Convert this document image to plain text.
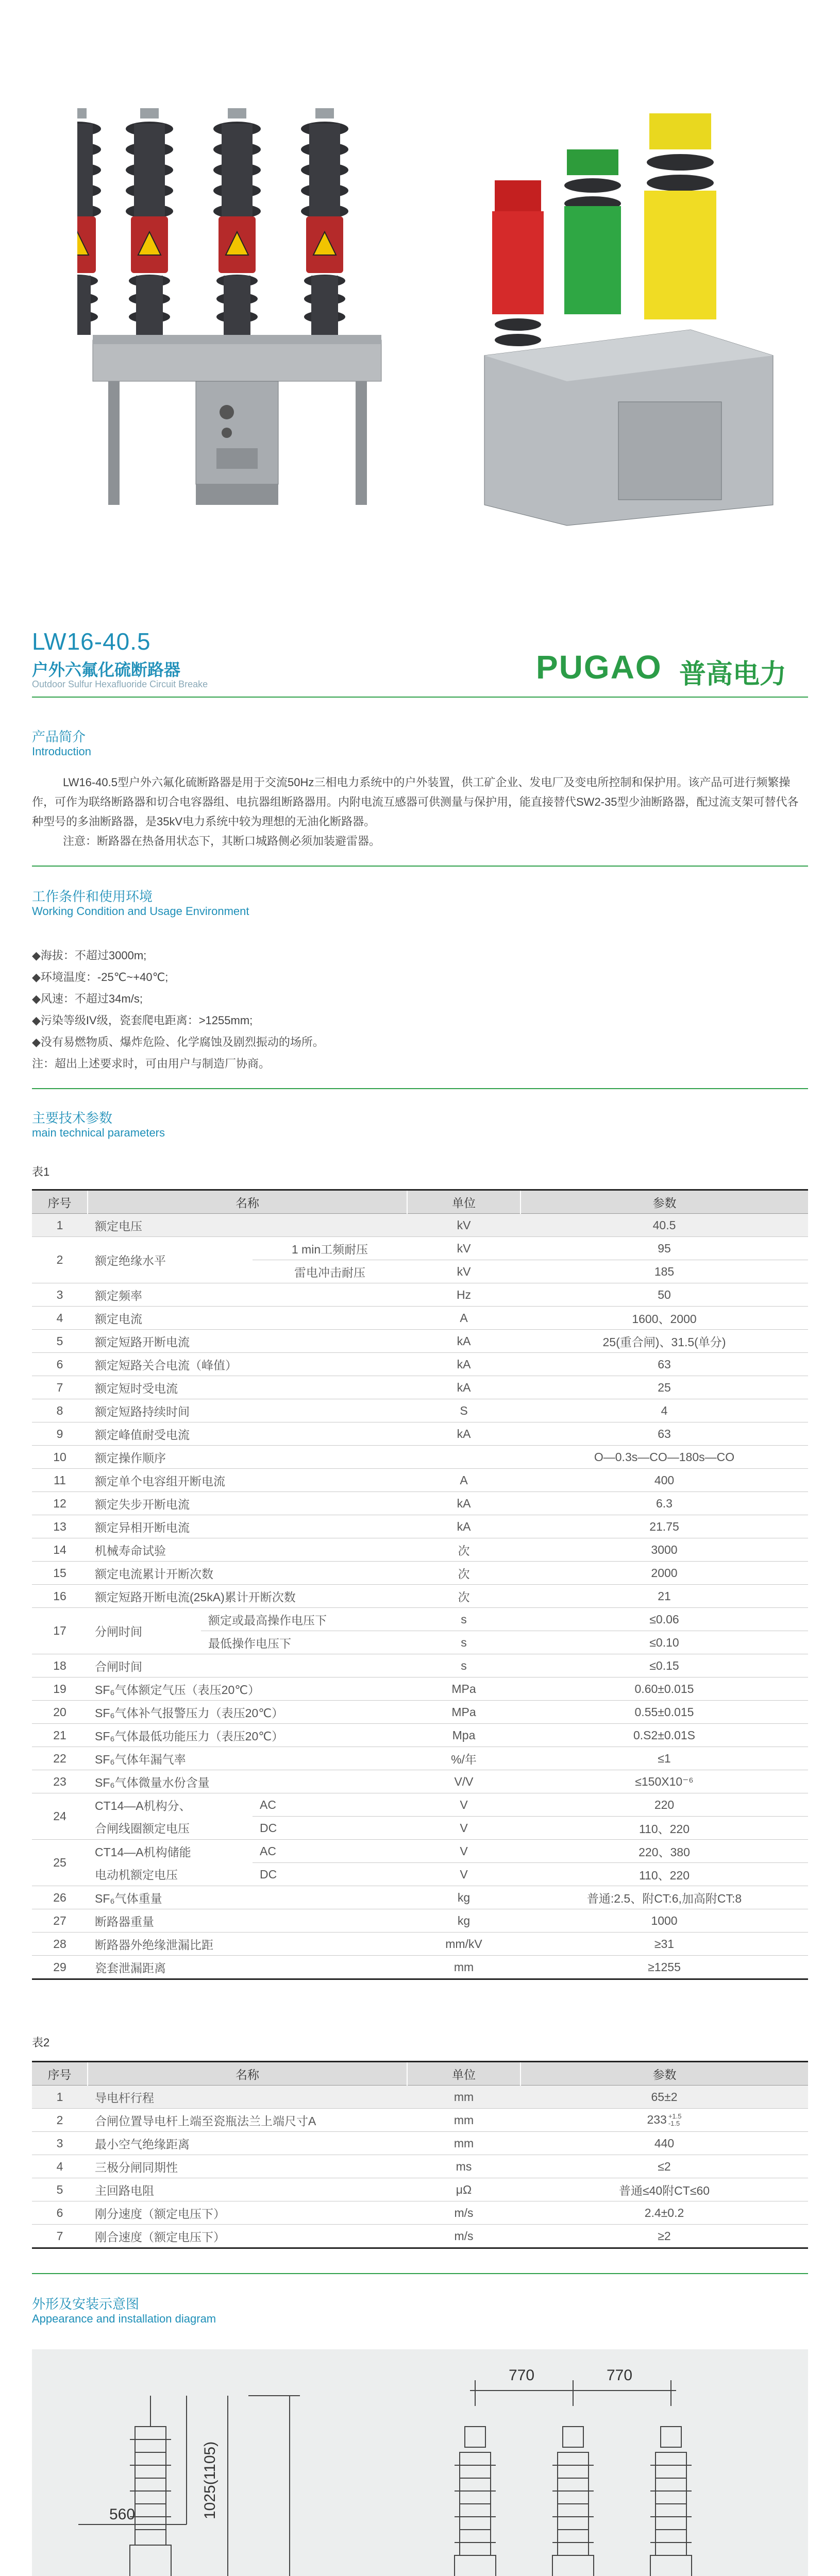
LW16-40.5
户外六氟化硫断路器
Outdoor Sulfur Hexafluoride Circuit Breake	PUGAO 普高电力
产品简介
Introduction
LW16-40.5型户外六氟化硫断路器是用于交流50Hz三相电力系统中的户外装置，供工矿企业、发电厂及变电所控制和保护用。该产品可进行频繁操作，可作为联络断路器和切合电容器组、电抗器组断路器用。内附电流互感器可供测量与保护用，能直接替代SW2-35型少油断路器，配过流支架可替代各种型号的多油断路器，是35kV电力系统中较为理想的无油化断路器。
注意：断路器在热备用状态下，其断口城路侧必须加装避雷器。
工作条件和使用环境
Working Condition and Usage Environment
◆海拔：不超过3000m;
◆环境温度：-25℃~+40℃;
◆风速：不超过34m/s;
◆污染等级IV级，瓷套爬电距离：>1255mm;
◆没有易燃物质、爆炸危险、化学腐蚀及剧烈振动的场所。
注：超出上述要求时，可由用户与制造厂协商。
主要技术参数
main technical parameters
表1
序号	名称			单位	参数
1	额定电压			kV	40.5
2	额定绝缘水平		1 min工频耐压	kV	95
			雷电冲击耐压	kV	185
3	额定频率			Hz	50
4	额定电流			A	1600、2000
5	额定短路开断电流			kA	25(重合闸)、31.5(单分)
6	额定短路关合电流（峰值）			kA	63
7	额定短时受电流			kA	25
8	额定短路持续时间			S	4
9	额定峰值耐受电流			kA	63
10	额定操作顺序				O—0.3s—CO—180s—CO
11	额定单个电容组开断电流			A	400
12	额定失步开断电流			kA	6.3
13	额定异相开断电流			kA	21.75
14	机械寿命试验			次	3000
15	额定电流累计开断次数			次	2000
16	额定短路开断电流(25kA)累计开断次数			次	21
17	分闸时间	额定或最高操作电压下		s	≤0.06
		最低操作电压下		s	≤0.10
18	合闸时间			s	≤0.15
19	SF₆气体额定气压（表压20℃）			MPa	0.60±0.015
20	SF₆气体补气报警压力（表压20℃）			MPa	0.55±0.015
21	SF₆气体最低功能压力（表压20℃）			Mpa	0.S2±0.01S
22	SF₆气体年漏气率			%/年	≤1
23	SF₆气体微量水份含量			V/V	≤150X10⁻⁶
24	CT14—A机构分、		AC	V	220
	合闸线圈额定电压		DC	V	110、220
25	CT14—A机构储能		AC	V	220、380
	电动机额定电压		DC	V	110、220
26	SF₆气体重量			kg	普通:2.5、附CT:6,加高附CT:8
27	断路器重量			kg	1000
28	断路器外绝缘泄漏比距			mm/kV	≥31
29	瓷套泄漏距离			mm	≥1255
表2
序号	名称	单位	参数
1	导电杆行程	mm	65±2
2	合闸位置导电杆上端至瓷瓶法兰上端尺寸A	mm	233 +1.5
-1.5
3	最小空气绝缘距离	mm	440
4	三极分闸同期性	ms	≤2
5	主回路电阻	μΩ	普通≤40附CT≤60
6	刚分速度（额定电压下）	m/s	2.4±0.2
7	刚合速度（额定电压下）	m/s	≥2
外形及安装示意图
Appearance and installation diagram
560	1025(1105)
770	770
